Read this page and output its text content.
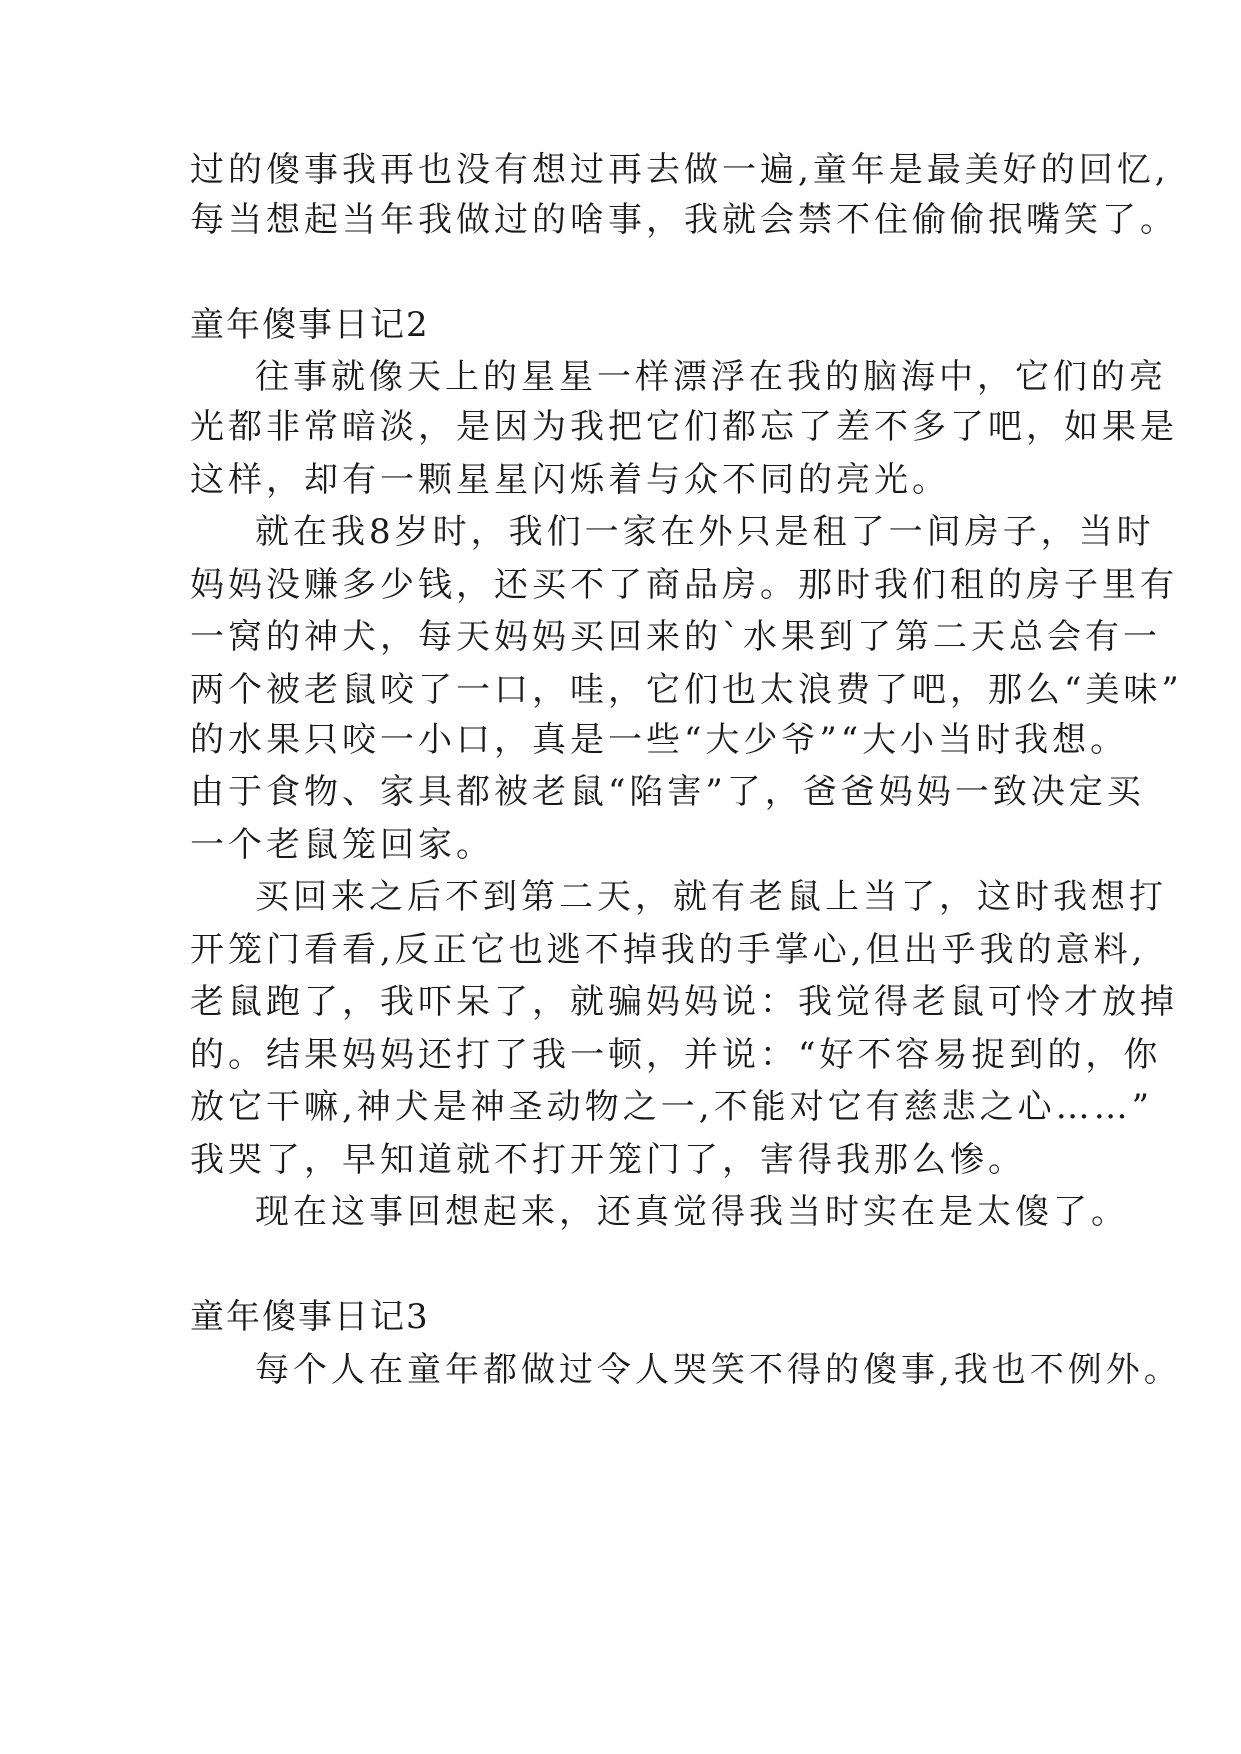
过的傻事我再也没有想过再去做一遍,童年是最美好的回忆,
每当想起当年我做过的啥事，我就会禁不住偷偷抿嘴笑了。
童年傻事日记2
往事就像天上的星星一样漂浮在我的脑海中，它们的亮
光都非常暗淡，是因为我把它们都忘了差不多了吧，如果是
这样，却有一颗星星闪烁着与众不同的亮光。
就在我8岁时，我们一家在外只是租了一间房子，当时
妈妈没赚多少钱，还买不了商品房。那时我们租的房子里有
一窝的神犬，每天妈妈买回来的`水果到了第二天总会有一
两个被老鼠咬了一口，哇，它们也太浪费了吧，那么“美味”
的水果只咬一小口，真是一些“大少爷”“大小当时我想。
由于食物、家具都被老鼠“陷害”了，爸爸妈妈一致决定买
一个老鼠笼回家。
买回来之后不到第二天，就有老鼠上当了，这时我想打
开笼门看看,反正它也逃不掉我的手掌心,但出乎我的意料,
老鼠跑了，我吓呆了，就骗妈妈说：我觉得老鼠可怜才放掉
的。结果妈妈还打了我一顿，并说：“好不容易捉到的，你
放它干嘛,神犬是神圣动物之一,不能对它有慈悲之心……”
我哭了，早知道就不打开笼门了，害得我那么惨。
现在这事回想起来，还真觉得我当时实在是太傻了。
童年傻事日记3
每个人在童年都做过令人哭笑不得的傻事,我也不例外。
